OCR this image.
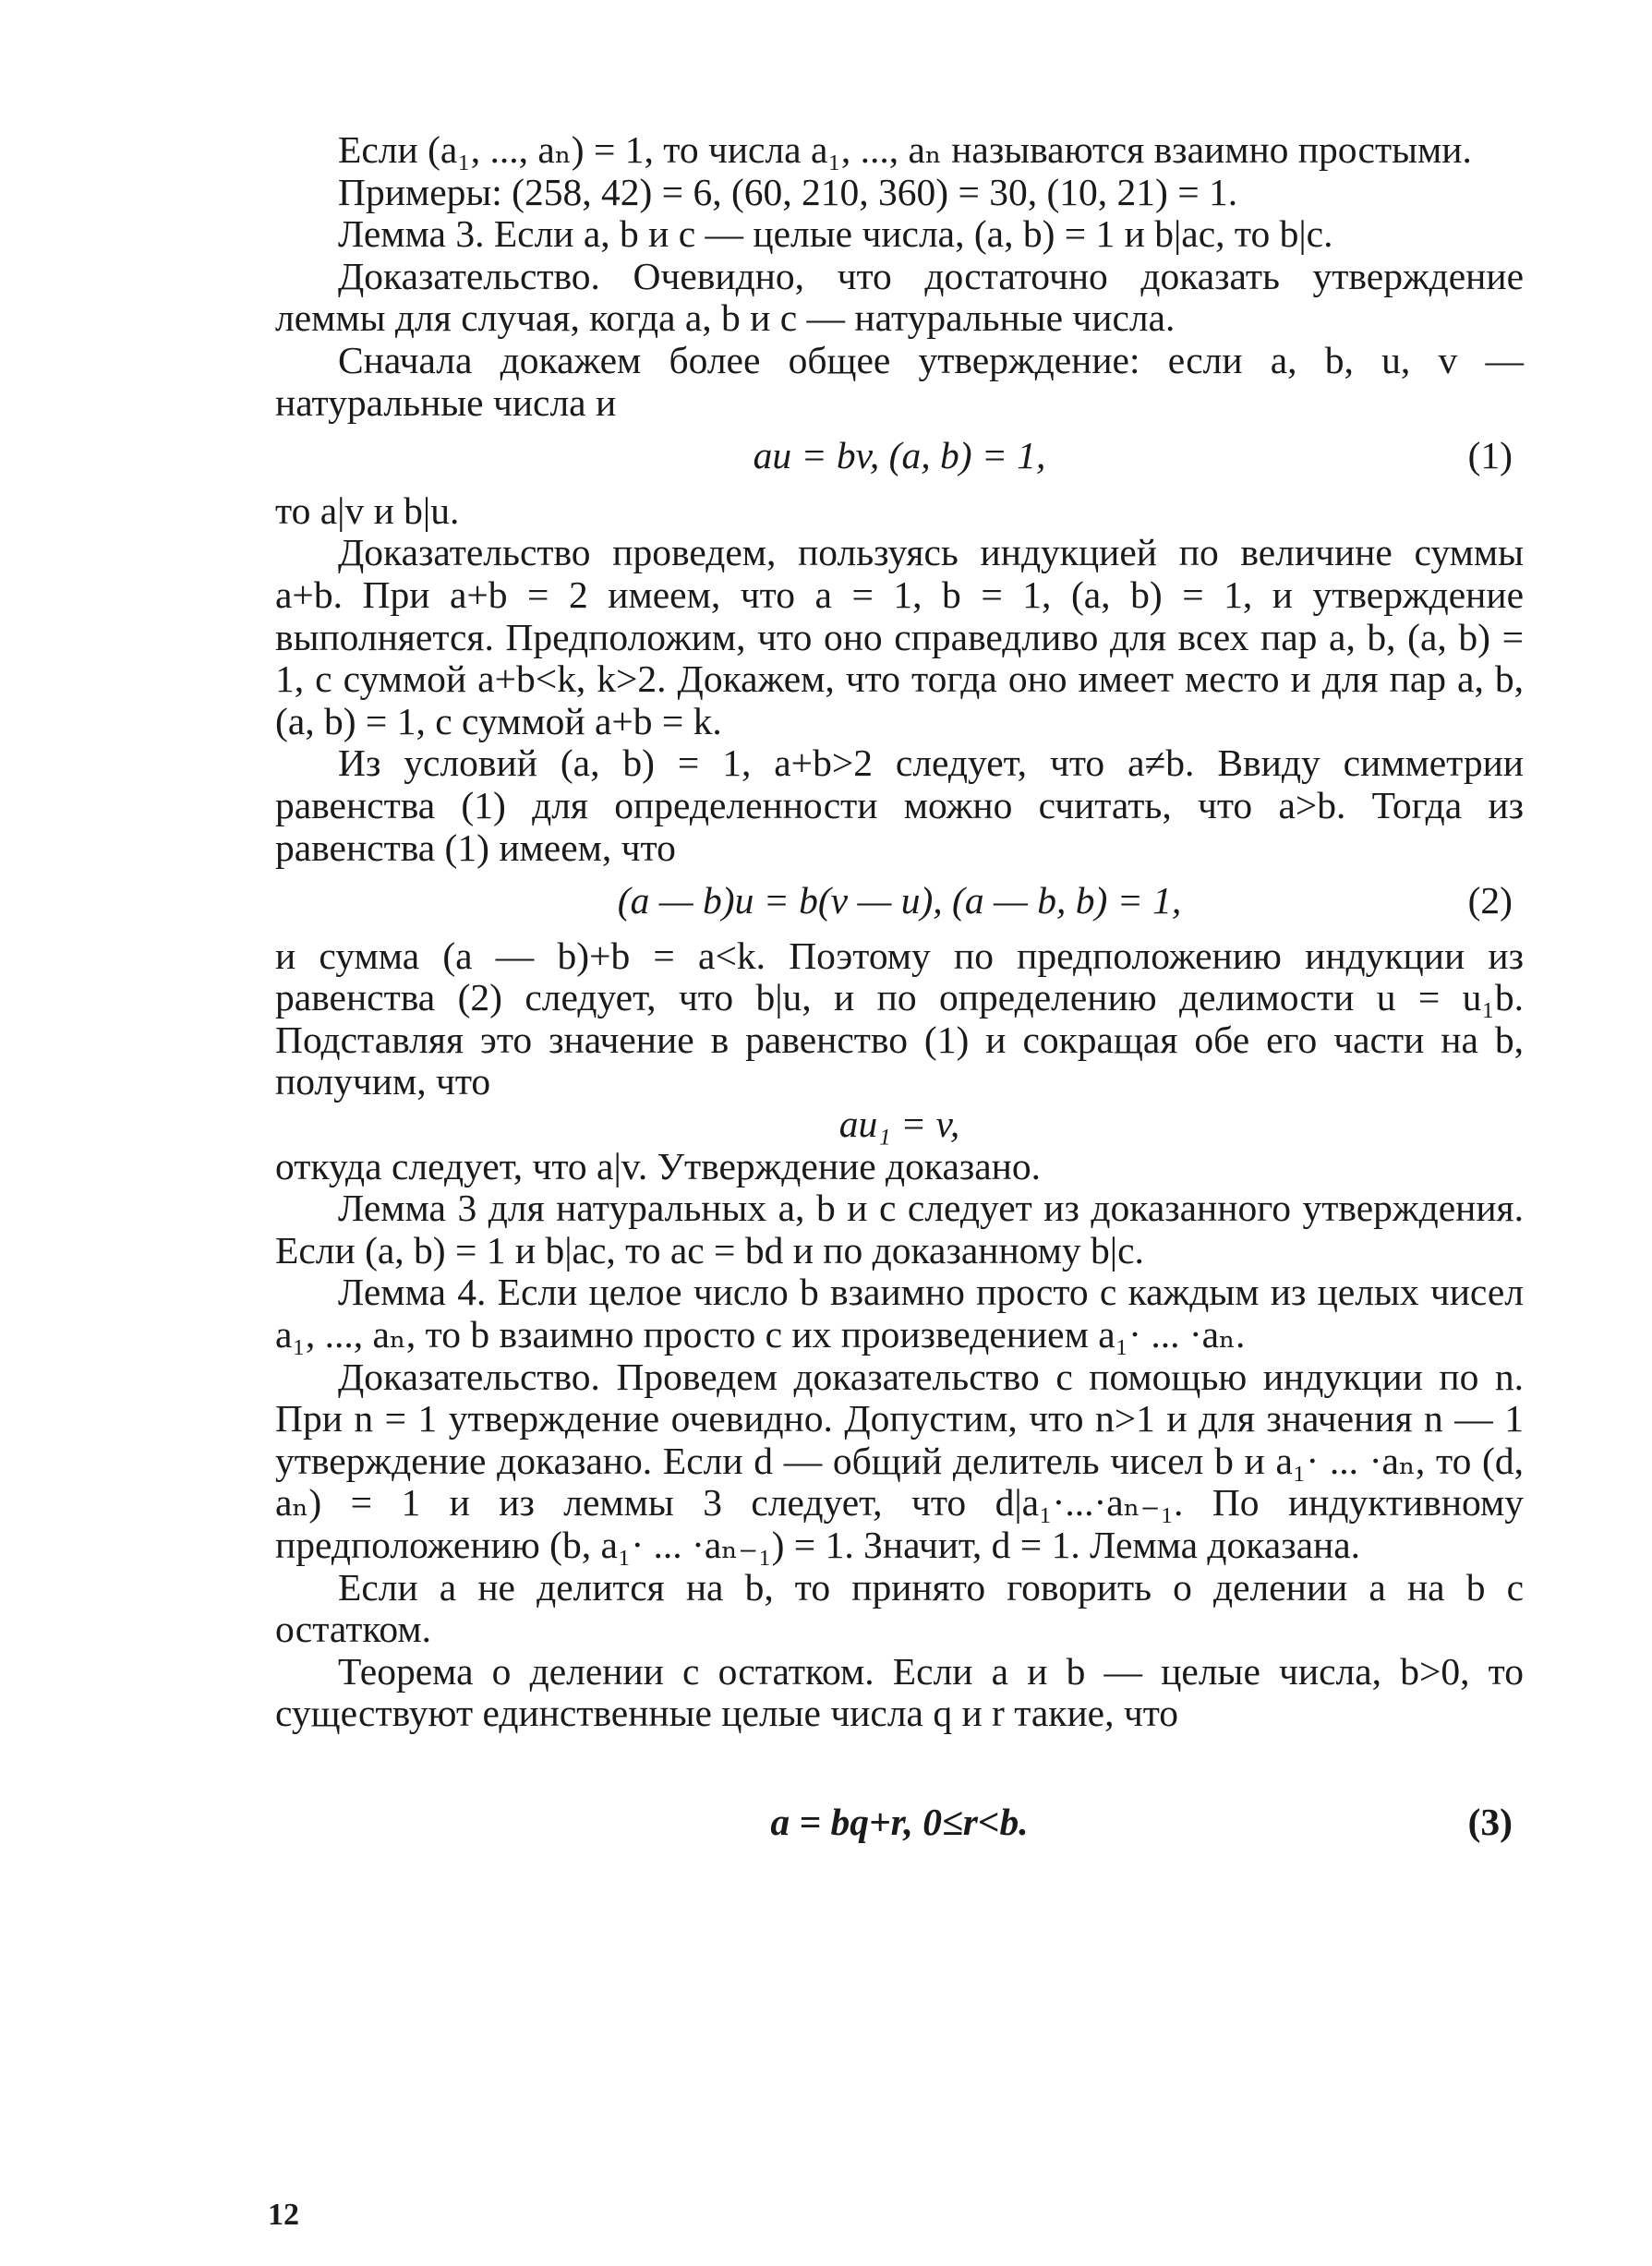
Если (a₁, ..., aₙ) = 1, то числа a₁, ..., aₙ называются взаимно простыми.

Примеры: (258, 42) = 6, (60, 210, 360) = 30, (10, 21) = 1.

Лемма 3. Если a, b и c — целые числа, (a, b) = 1 и b|ac, то b|c.

Доказательство. Очевидно, что достаточно доказать утверждение леммы для случая, когда a, b и c — натуральные числа.

Сначала докажем более общее утверждение: если a, b, u, v — натуральные числа и

au = bv, (a, b) = 1,	(1)

то a|v и b|u.

Доказательство проведем, пользуясь индукцией по величине суммы a+b. При a+b = 2 имеем, что a = 1, b = 1, (a, b) = 1, и утверждение выполняется. Предположим, что оно справедливо для всех пар a, b, (a, b) = 1, с суммой a+b<k, k>2. Докажем, что тогда оно имеет место и для пар a, b, (a, b) = 1, с суммой a+b = k.

Из условий (a, b) = 1, a+b>2 следует, что a≠b. Ввиду симметрии равенства (1) для определенности можно считать, что a>b. Тогда из равенства (1) имеем, что

(a — b)u = b(v — u), (a — b, b) = 1,	(2)

и сумма (a — b)+b = a<k. Поэтому по предположению индукции из равенства (2) следует, что b|u, и по определению делимости u = u₁b. Подставляя это значение в равенство (1) и сокращая обе его части на b, получим, что

au₁ = v,

откуда следует, что a|v. Утверждение доказано.

Лемма 3 для натуральных a, b и c следует из доказанного утверждения. Если (a, b) = 1 и b|ac, то ac = bd и по доказанному b|c.

Лемма 4. Если целое число b взаимно просто с каждым из целых чисел a₁, ..., aₙ, то b взаимно просто с их произведением a₁· ... ·aₙ.

Доказательство. Проведем доказательство с помощью индукции по n. При n = 1 утверждение очевидно. Допустим, что n>1 и для значения n — 1 утверждение доказано. Если d — общий делитель чисел b и a₁· ... ·aₙ, то (d, aₙ) = 1 и из леммы 3 следует, что d|a₁·...·aₙ₋₁. По индуктивному предположению (b, a₁· ... ·aₙ₋₁) = 1. Значит, d = 1. Лемма доказана.

Если a не делится на b, то принято говорить о делении a на b с остатком.

Теорема о делении с остатком. Если a и b — целые числа, b>0, то существуют единственные целые числа q и r такие, что

a = bq+r, 0≤r<b.	(3)

12
